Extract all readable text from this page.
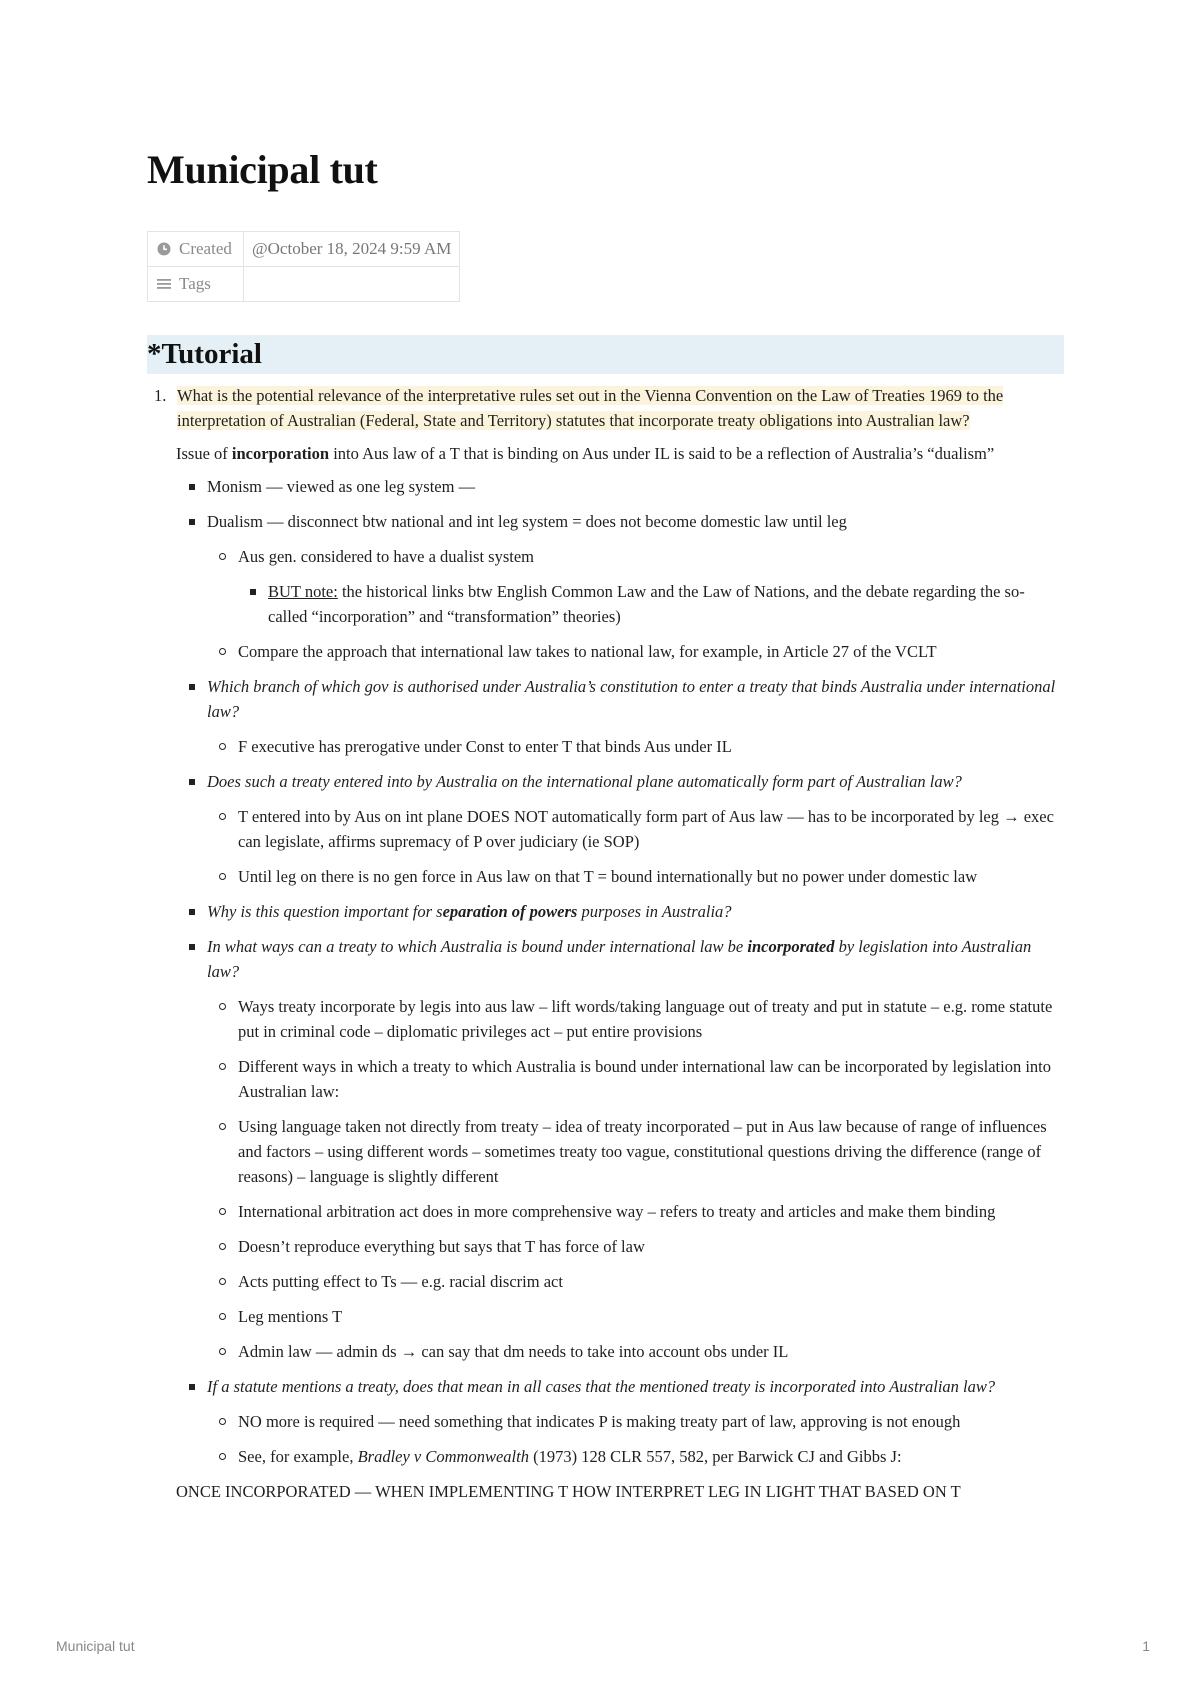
Municipal tut
Created	@October 18, 2024 9:59 AM
Tags	
*Tutorial
1. What is the potential relevance of the interpretative rules set out in the Vienna Convention on the Law of Treaties 1969 to the interpretation of Australian (Federal, State and Territory) statutes that incorporate treaty obligations into Australian law?
Issue of incorporation into Aus law of a T that is binding on Aus under IL is said to be a reflection of Australia’s “dualism”
Monism — viewed as one leg system —
Dualism — disconnect btw national and int leg system = does not become domestic law until leg
Aus gen. considered to have a dualist system
BUT note: the historical links btw English Common Law and the Law of Nations, and the debate regarding the so-called “incorporation” and “transformation” theories)
Compare the approach that international law takes to national law, for example, in Article 27 of the VCLT
Which branch of which gov is authorised under Australia’s constitution to enter a treaty that binds Australia under international law?
F executive has prerogative under Const to enter T that binds Aus under IL
Does such a treaty entered into by Australia on the international plane automatically form part of Australian law?
T entered into by Aus on int plane DOES NOT automatically form part of Aus law — has to be incorporated by leg → exec can legislate, affirms supremacy of P over judiciary (ie SOP)
Until leg on there is no gen force in Aus law on that T = bound internationally but no power under domestic law
Why is this question important for separation of powers purposes in Australia?
In what ways can a treaty to which Australia is bound under international law be incorporated by legislation into Australian law?
Ways treaty incorporate by legis into aus law – lift words/taking language out of treaty and put in statute – e.g. rome statute put in criminal code – diplomatic privileges act – put entire provisions
Different ways in which a treaty to which Australia is bound under international law can be incorporated by legislation into Australian law:
Using language taken not directly from treaty – idea of treaty incorporated – put in Aus law because of range of influences and factors – using different words – sometimes treaty too vague, constitutional questions driving the difference (range of reasons) – language is slightly different
International arbitration act does in more comprehensive way – refers to treaty and articles and make them binding
Doesn’t reproduce everything but says that T has force of law
Acts putting effect to Ts — e.g. racial discrim act
Leg mentions T
Admin law — admin ds → can say that dm needs to take into account obs under IL
If a statute mentions a treaty, does that mean in all cases that the mentioned treaty is incorporated into Australian law?
NO more is required — need something that indicates P is making treaty part of law, approving is not enough
See, for example, Bradley v Commonwealth (1973) 128 CLR 557, 582, per Barwick CJ and Gibbs J:
ONCE INCORPORATED — WHEN IMPLEMENTING T HOW INTERPRET LEG IN LIGHT THAT BASED ON T
Municipal tut	1
